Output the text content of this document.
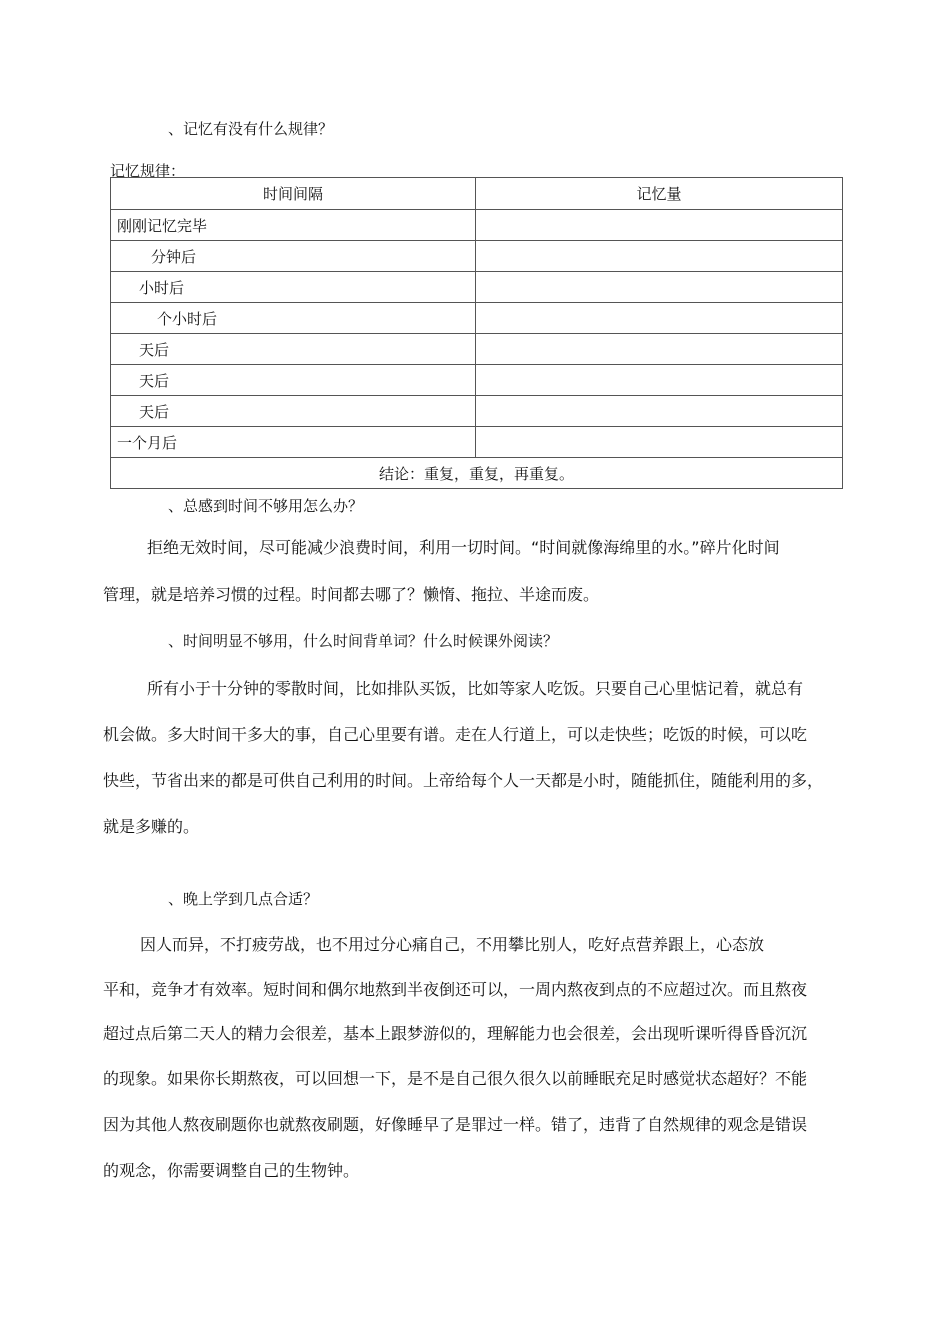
、记忆有没有什么规律？
记忆规律：
时间间隔	记忆量
刚刚记忆完毕	
分钟后	
小时后	
个小时后	
天后	
天后	
天后	
一个月后	
结论：重复，重复，再重复。	
、总感到时间不够用怎么办？
拒绝无效时间，尽可能减少浪费时间，利用一切时间。“时间就像海绵里的水。”碎片化时间
管理，就是培养习惯的过程。时间都去哪了？懒惰、拖拉、半途而废。
、时间明显不够用，什么时间背单词？什么时候课外阅读？
所有小于十分钟的零散时间，比如排队买饭，比如等家人吃饭。只要自己心里惦记着，就总有
机会做。多大时间干多大的事，自己心里要有谱。走在人行道上，可以走快些；吃饭的时候，可以吃
快些，节省出来的都是可供自己利用的时间。上帝给每个人一天都是小时，随能抓住，随能利用的多，
就是多赚的。
、晚上学到几点合适？
因人而异，不打疲劳战，也不用过分心痛自己，不用攀比别人，吃好点营养跟上，心态放
平和，竞争才有效率。短时间和偶尔地熬到半夜倒还可以，一周内熬夜到点的不应超过次。而且熬夜
超过点后第二天人的精力会很差，基本上跟梦游似的，理解能力也会很差，会出现听课听得昏昏沉沉
的现象。如果你长期熬夜，可以回想一下，是不是自己很久很久以前睡眠充足时感觉状态超好？不能
因为其他人熬夜刷题你也就熬夜刷题，好像睡早了是罪过一样。错了，违背了自然规律的观念是错误
的观念，你需要调整自己的生物钟。
